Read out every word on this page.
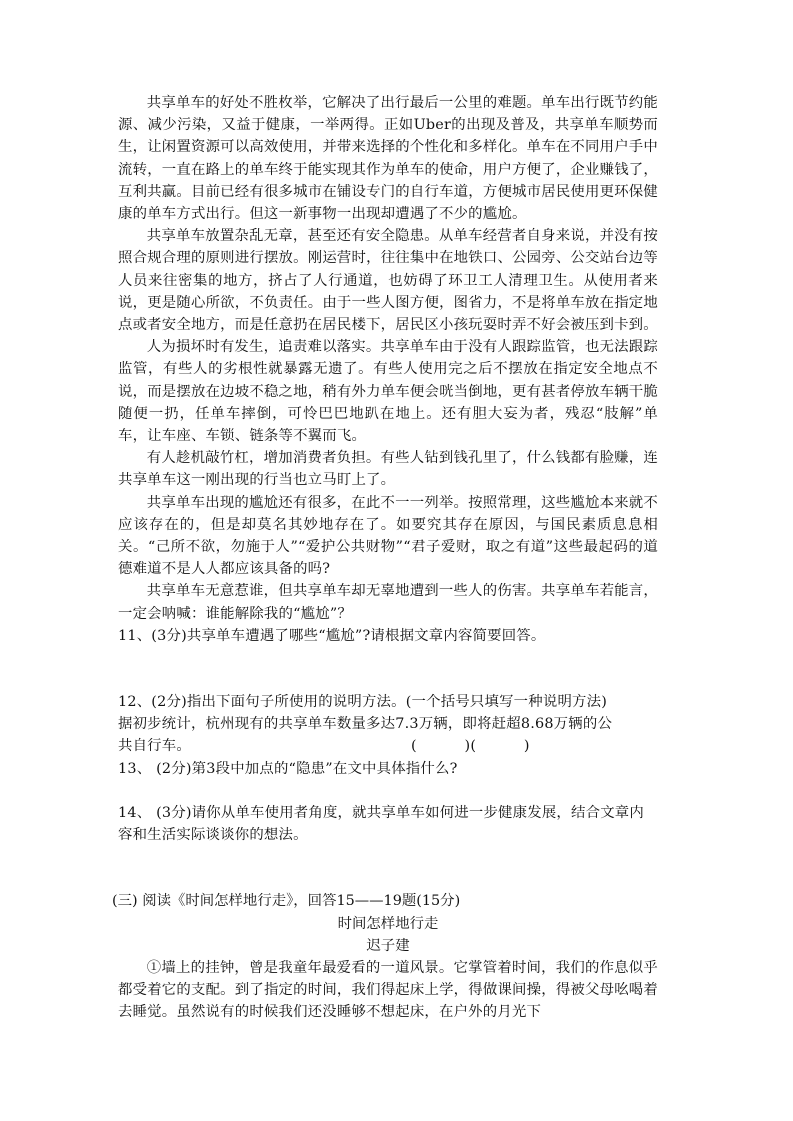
共享单车的好处不胜枚举，它解决了出行最后一公里的难题。单车出行既节约能源、减少污染，又益于健康，一举两得。正如Uber的出现及普及，共享单车顺势而生，让闲置资源可以高效使用，并带来选择的个性化和多样化。单车在不同用户手中流转，一直在路上的单车终于能实现其作为单车的使命，用户方便了，企业赚钱了，互利共赢。目前已经有很多城市在铺设专门的自行车道，方便城市居民使用更环保健康的单车方式出行。但这一新事物一出现却遭遇了不少的尴尬。

共享单车放置杂乱无章，甚至还有安全隐患。从单车经营者自身来说，并没有按照合规合理的原则进行摆放。刚运营时，往往集中在地铁口、公园旁、公交站台边等人员来往密集的地方，挤占了人行通道，也妨碍了环卫工人清理卫生。从使用者来说，更是随心所欲，不负责任。由于一些人图方便，图省力，不是将单车放在指定地点或者安全地方，而是任意扔在居民楼下，居民区小孩玩耍时弄不好会被压到卡到。

人为损坏时有发生，追责难以落实。共享单车由于没有人跟踪监管，也无法跟踪监管，有些人的劣根性就暴露无遗了。有些人使用完之后不摆放在指定安全地点不说，而是摆放在边坡不稳之地，稍有外力单车便会咣当倒地，更有甚者停放车辆干脆随便一扔，任单车摔倒，可怜巴巴地趴在地上。还有胆大妄为者，残忍“肢解”单车，让车座、车锁、链条等不翼而飞。

有人趁机敲竹杠，增加消费者负担。有些人钻到钱孔里了，什么钱都有脸赚，连共享单车这一刚出现的行当也立马盯上了。

共享单车出现的尴尬还有很多，在此不一一列举。按照常理，这些尴尬本来就不应该存在的，但是却莫名其妙地存在了。如要究其存在原因，与国民素质息息相关。“己所不欲，勿施于人”“爱护公共财物”“君子爱财，取之有道”这些最起码的道德难道不是人人都应该具备的吗?

共享单车无意惹谁，但共享单车却无辜地遭到一些人的伤害。共享单车若能言，一定会呐喊：谁能解除我的“尴尬”？

11、(3分)共享单车遭遇了哪些“尴尬”?请根据文章内容简要回答。

12、(2分)指出下面句子所使用的说明方法。(一个括号只填写一种说明方法)

据初步统计，杭州现有的共享单车数量多达7.3万辆，即将赶超8.68万辆的公

共自行车。	(          )(          )

13、 (2分)第3段中加点的“隐患”在文中具体指什么?

14、 (3分)请你从单车使用者角度，就共享单车如何进一步健康发展，结合文章内容和生活实际谈谈你的想法。

(三) 阅读《时间怎样地行走》，回答15——19题(15分)

时间怎样地行走

迟子建

①墙上的挂钟，曾是我童年最爱看的一道风景。它掌管着时间，我们的作息似乎都受着它的支配。到了指定的时间，我们得起床上学，得做课间操，得被父母吆喝着去睡觉。虽然说有的时候我们还没睡够不想起床，在户外的月光下
